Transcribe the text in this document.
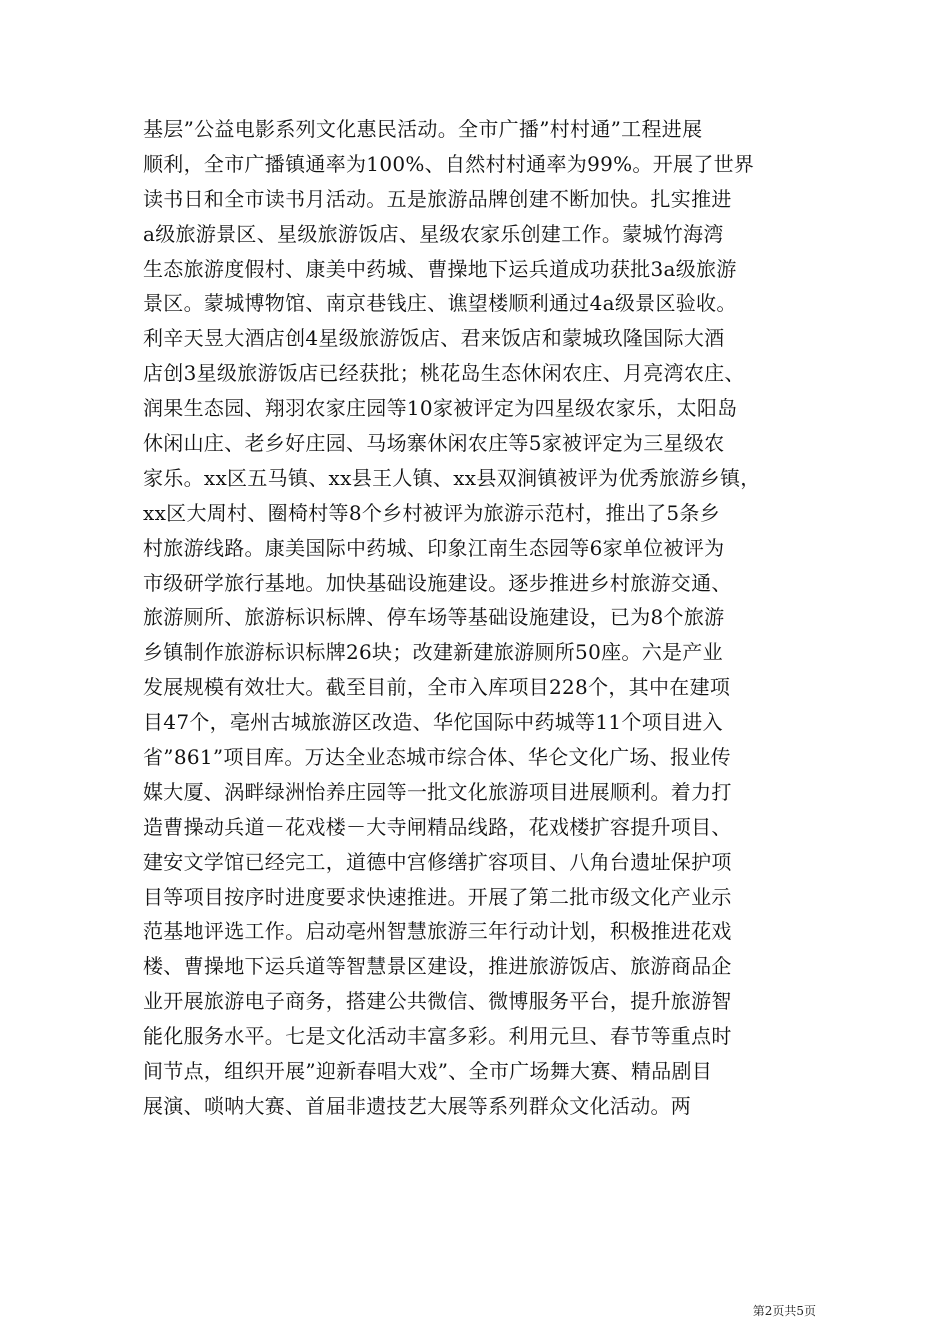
基层”公益电影系列文化惠民活动。全市广播”村村通”工程进展
顺利，全市广播镇通率为100%、自然村村通率为99%。开展了世界
读书日和全市读书月活动。五是旅游品牌创建不断加快。扎实推进
a级旅游景区、星级旅游饭店、星级农家乐创建工作。蒙城竹海湾
生态旅游度假村、康美中药城、曹操地下运兵道成功获批3a级旅游
景区。蒙城博物馆、南京巷钱庄、谯望楼顺利通过4a级景区验收。
利辛天昱大酒店创4星级旅游饭店、君来饭店和蒙城玖隆国际大酒
店创3星级旅游饭店已经获批；桃花岛生态休闲农庄、月亮湾农庄、
润果生态园、翔羽农家庄园等10家被评定为四星级农家乐，太阳岛
休闲山庄、老乡好庄园、马场寨休闲农庄等5家被评定为三星级农
家乐。xx区五马镇、xx县王人镇、xx县双涧镇被评为优秀旅游乡镇，
xx区大周村、圈椅村等8个乡村被评为旅游示范村，推出了5条乡
村旅游线路。康美国际中药城、印象江南生态园等6家单位被评为
市级研学旅行基地。加快基础设施建设。逐步推进乡村旅游交通、
旅游厕所、旅游标识标牌、停车场等基础设施建设，已为8个旅游
乡镇制作旅游标识标牌26块；改建新建旅游厕所50座。六是产业
发展规模有效壮大。截至目前，全市入库项目228个，其中在建项
目47个，亳州古城旅游区改造、华佗国际中药城等11个项目进入
省”861”项目库。万达全业态城市综合体、华仑文化广场、报业传
媒大厦、涡畔绿洲怡养庄园等一批文化旅游项目进展顺利。着力打
造曹操动兵道－花戏楼－大寺闸精品线路，花戏楼扩容提升项目、
建安文学馆已经完工，道德中宫修缮扩容项目、八角台遗址保护项
目等项目按序时进度要求快速推进。开展了第二批市级文化产业示
范基地评选工作。启动亳州智慧旅游三年行动计划，积极推进花戏
楼、曹操地下运兵道等智慧景区建设，推进旅游饭店、旅游商品企
业开展旅游电子商务，搭建公共微信、微博服务平台，提升旅游智
能化服务水平。七是文化活动丰富多彩。利用元旦、春节等重点时
间节点，组织开展”迎新春唱大戏”、全市广场舞大赛、精品剧目
展演、唢呐大赛、首届非遗技艺大展等系列群众文化活动。两
第2页共5页
